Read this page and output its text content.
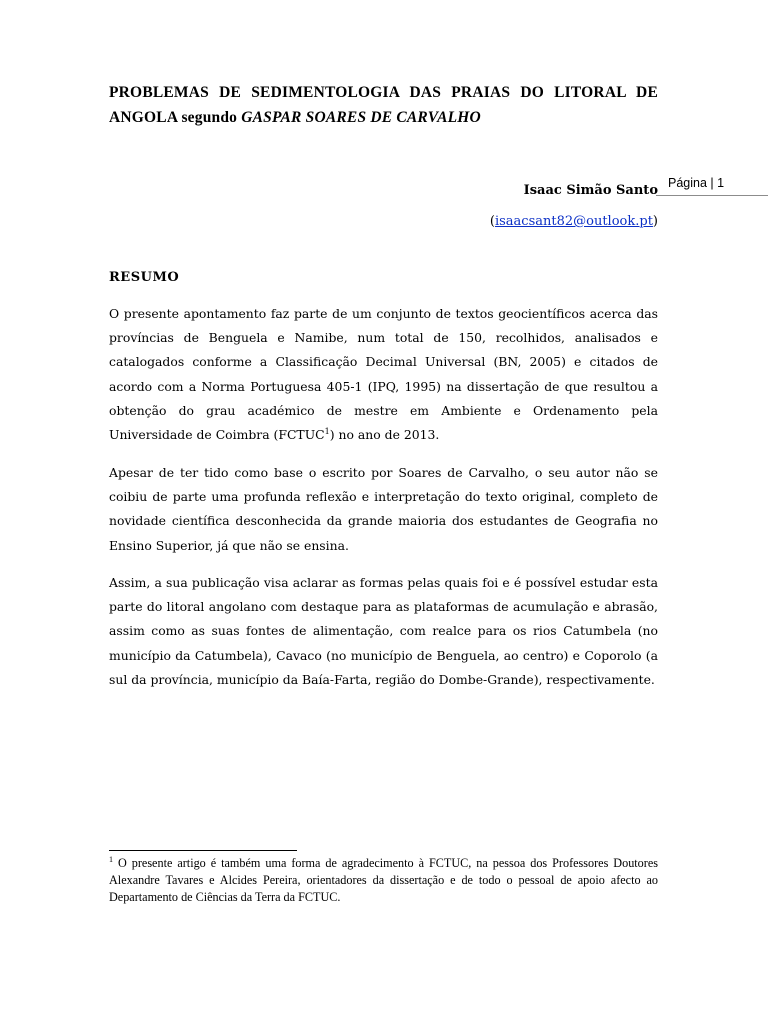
PROBLEMAS DE SEDIMENTOLOGIA DAS PRAIAS DO LITORAL DE
ANGOLA segundo GASPAR SOARES DE CARVALHO
Página | 1
Isaac Simão Santo
(isaacsant82@outlook.pt)
RESUMO

O presente apontamento faz parte de um conjunto de textos geocientíficos acerca das províncias de Benguela e Namibe, num total de 150, recolhidos, analisados e catalogados conforme a Classificação Decimal Universal (BN, 2005) e citados de acordo com a Norma Portuguesa 405-1 (IPQ, 1995) na dissertação de que resultou a obtenção do grau académico de mestre em Ambiente e Ordenamento pela Universidade de Coimbra (FCTUC$^1$) no ano de 2013.

Apesar de ter tido como base o escrito por Soares de Carvalho, o seu autor não se coibiu de parte uma profunda reflexão e interpretação do texto original, completo de novidade científica desconhecida da grande maioria dos estudantes de Geografia no Ensino Superior, já que não se ensina.

Assim, a sua publicação visa aclarar as formas pelas quais foi e é possível estudar esta parte do litoral angolano com destaque para as plataformas de acumulação e abrasão, assim como as suas fontes de alimentação, com realce para os rios Catumbela (no município da Catumbela), Cavaco (no município de Benguela, ao centro) e Coporolo (a sul da província, município da Baía-Farta, região do Dombe-Grande), respectivamente.

$^1$ O presente artigo é também uma forma de agradecimento à FCTUC, na pessoa dos Professores Doutores Alexandre Tavares e Alcides Pereira, orientadores da dissertação e de todo o pessoal de apoio afecto ao Departamento de Ciências da Terra da FCTUC.
